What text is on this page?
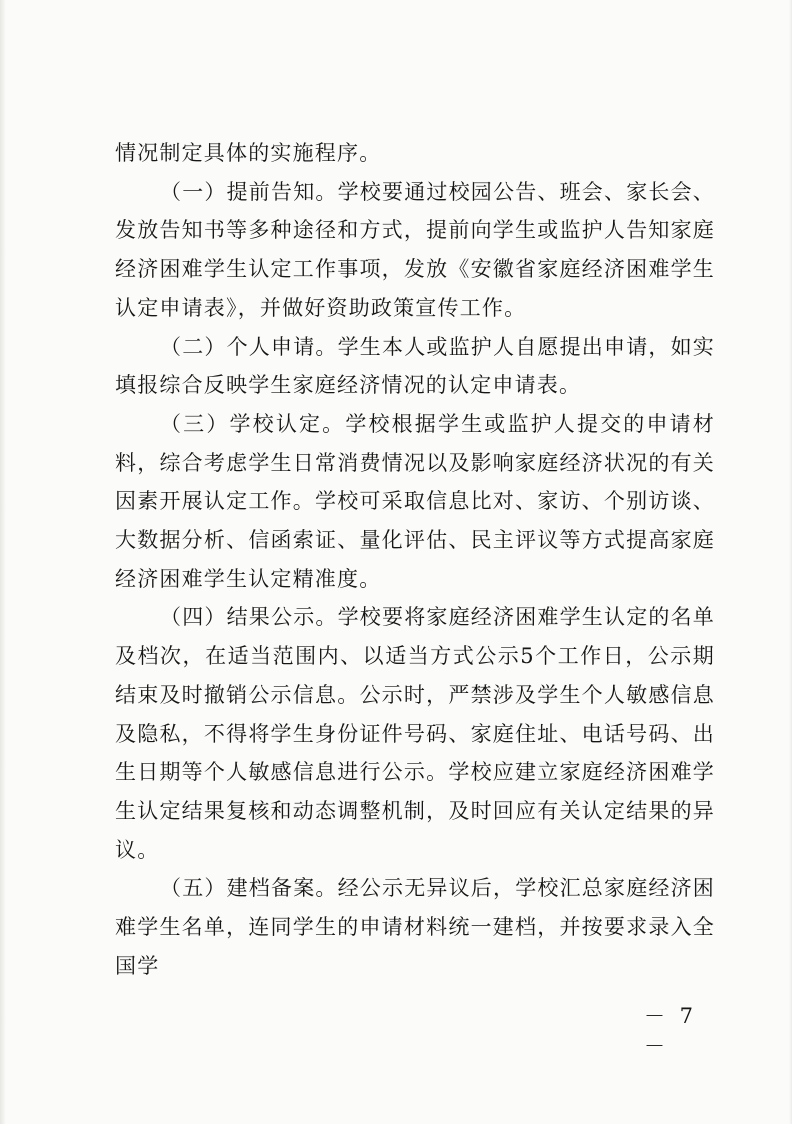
情况制定具体的实施程序。

（一）提前告知。学校要通过校园公告、班会、家长会、发放告知书等多种途径和方式，提前向学生或监护人告知家庭经济困难学生认定工作事项，发放《安徽省家庭经济困难学生认定申请表》，并做好资助政策宣传工作。

（二）个人申请。学生本人或监护人自愿提出申请，如实填报综合反映学生家庭经济情况的认定申请表。

（三）学校认定。学校根据学生或监护人提交的申请材料，综合考虑学生日常消费情况以及影响家庭经济状况的有关因素开展认定工作。学校可采取信息比对、家访、个别访谈、大数据分析、信函索证、量化评估、民主评议等方式提高家庭经济困难学生认定精准度。

（四）结果公示。学校要将家庭经济困难学生认定的名单及档次，在适当范围内、以适当方式公示5个工作日，公示期结束及时撤销公示信息。公示时，严禁涉及学生个人敏感信息及隐私，不得将学生身份证件号码、家庭住址、电话号码、出生日期等个人敏感信息进行公示。学校应建立家庭经济困难学生认定结果复核和动态调整机制，及时回应有关认定结果的异议。

（五）建档备案。经公示无异议后，学校汇总家庭经济困难学生名单，连同学生的申请材料统一建档，并按要求录入全国学

－ 7 －
